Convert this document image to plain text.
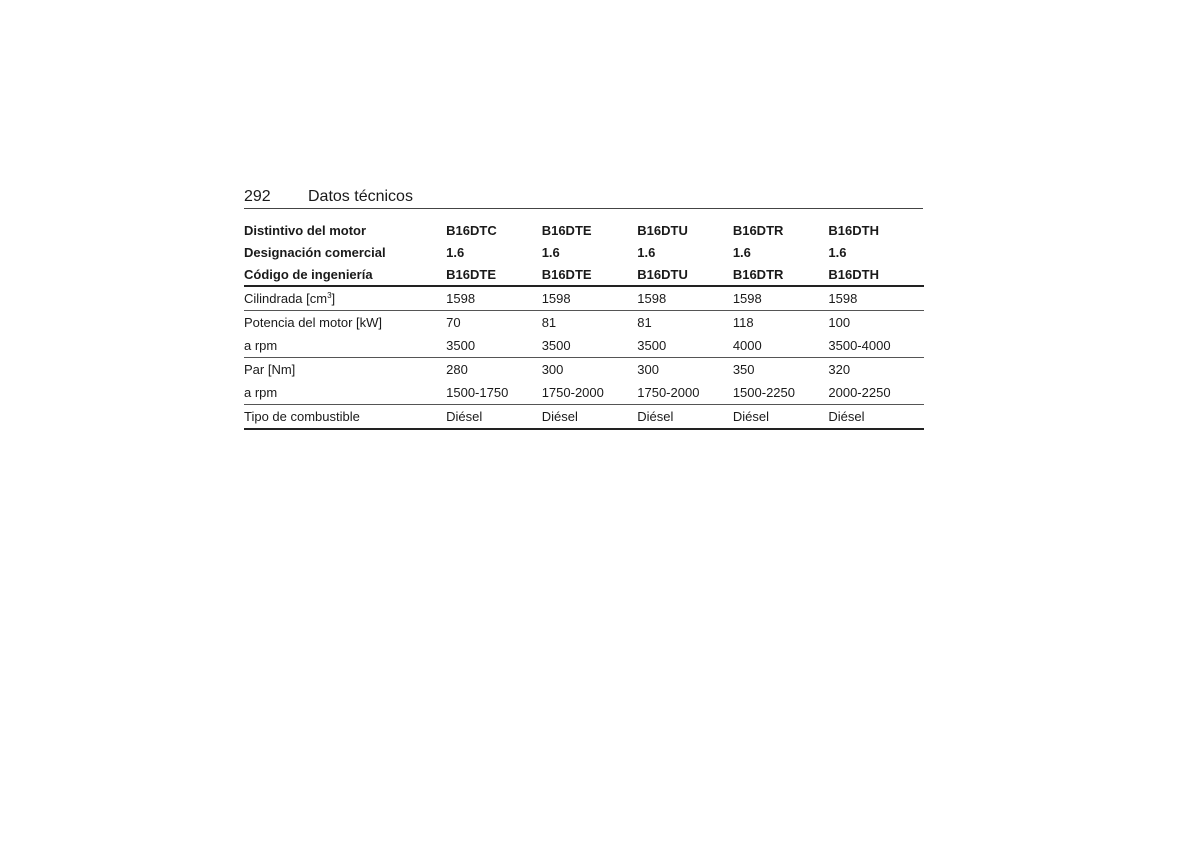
292 Datos técnicos
Distintivo del motor	B16DTC	B16DTE	B16DTU	B16DTR	B16DTH
Designación comercial	1.6	1.6	1.6	1.6	1.6
Código de ingeniería	B16DTE	B16DTE	B16DTU	B16DTR	B16DTH
Cilindrada $[cm^3]$	1598	1598	1598	1598	1598
Potencia del motor [kW]	70	81	81	118	100
a rpm	3500	3500	3500	4000	3500-4000
Par [Nm]	280	300	300	350	320
a rpm	1500-1750	1750-2000	1750-2000	1500-2250	2000-2250
Tipo de combustible	Diésel	Diésel	Diésel	Diésel	Diésel
